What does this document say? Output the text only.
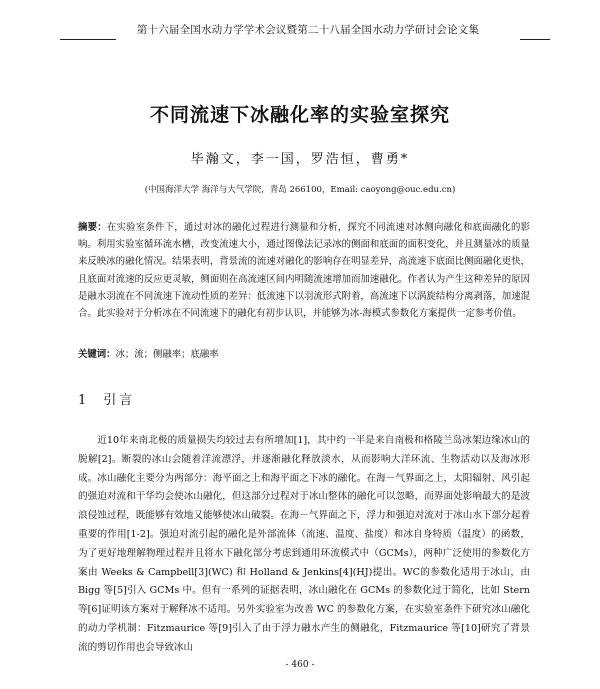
第十六届全国水动力学学术会议暨第二十八届全国水动力学研讨会论文集
不同流速下冰融化率的实验室探究
毕瀚文，李一国，罗浩恒，曹勇*
(中国海洋大学 海洋与大气学院，青岛 266100，Email: caoyong@ouc.edu.cn)
摘要：在实验室条件下，通过对冰的融化过程进行测量和分析，探究不同流速对冰侧向融化和底面融化的影响。利用实验室循环流水槽，改变流速大小，通过图像法记录冰的侧面和底面的面积变化，并且测量冰的质量来反映冰的融化情况。结果表明，背景流的流速对融化的影响存在明显差异，高流速下底面比侧面融化更快，且底面对流速的反应更灵敏，侧面则在高流速区间内明随流速增加而加速融化。作者认为产生这种差异的原因是融水羽流在不同流速下流动性质的差异：低流速下以羽流形式附着，高流速下以涡旋结构分离剥落，加速混合。此实验对于分析冰在不同流速下的融化有初步认识，并能够为冰-海模式参数化方案提供一定参考价值。
关键词：冰；流；侧融率；底融率
1 引言
近10年来南北极的质量损失均较过去有所增加[1]，其中约一半是来自南极和格陵兰岛冰架边缘冰山的脱解[2]。断裂的冰山会随着洋流漂浮，并逐渐融化释放淡水，从而影响大洋环流、生物活动以及海冰形成。冰山融化主要分为两部分：海平面之上和海平面之下冰的融化。在海－气界面之上，太阳辐射、风引起的强迫对流和干华均会使冰山融化，但这部分过程对于冰山整体的融化可以忽略，而界面处影响最大的是波浪侵蚀过程，既能够有效地又能够使冰山破裂。在海－气界面之下，浮力和强迫对流对于冰山水下部分起着重要的作用[1-2]。强迫对流引起的融化是外部流体（流速、温度、盐度）和冰自身特质（温度）的函数，为了更好地理解物理过程并且将水下融化部分考虑到通用环流模式中（GCMs），两种广泛使用的参数化方案由 Weeks & Campbell[3](WC) 和 Holland & Jenkins[4](HJ)提出。WC的参数化适用于冰山，由 Bigg 等[5]引入 GCMs 中。但有一系列的证据表明，冰山融化在 GCMs 的参数化过于简化，比如 Stern 等[6]证明该方案对于解释冰不适用。另外实验室为改善 WC 的参数化方案，在实验室条件下研究冰山融化的动力学机制：Fitzmaurice 等[9]引入了由于浮力融水产生的侧融化，Fitzmaurice 等[10]研究了背景流的剪切作用也会导致冰山
- 460 -
